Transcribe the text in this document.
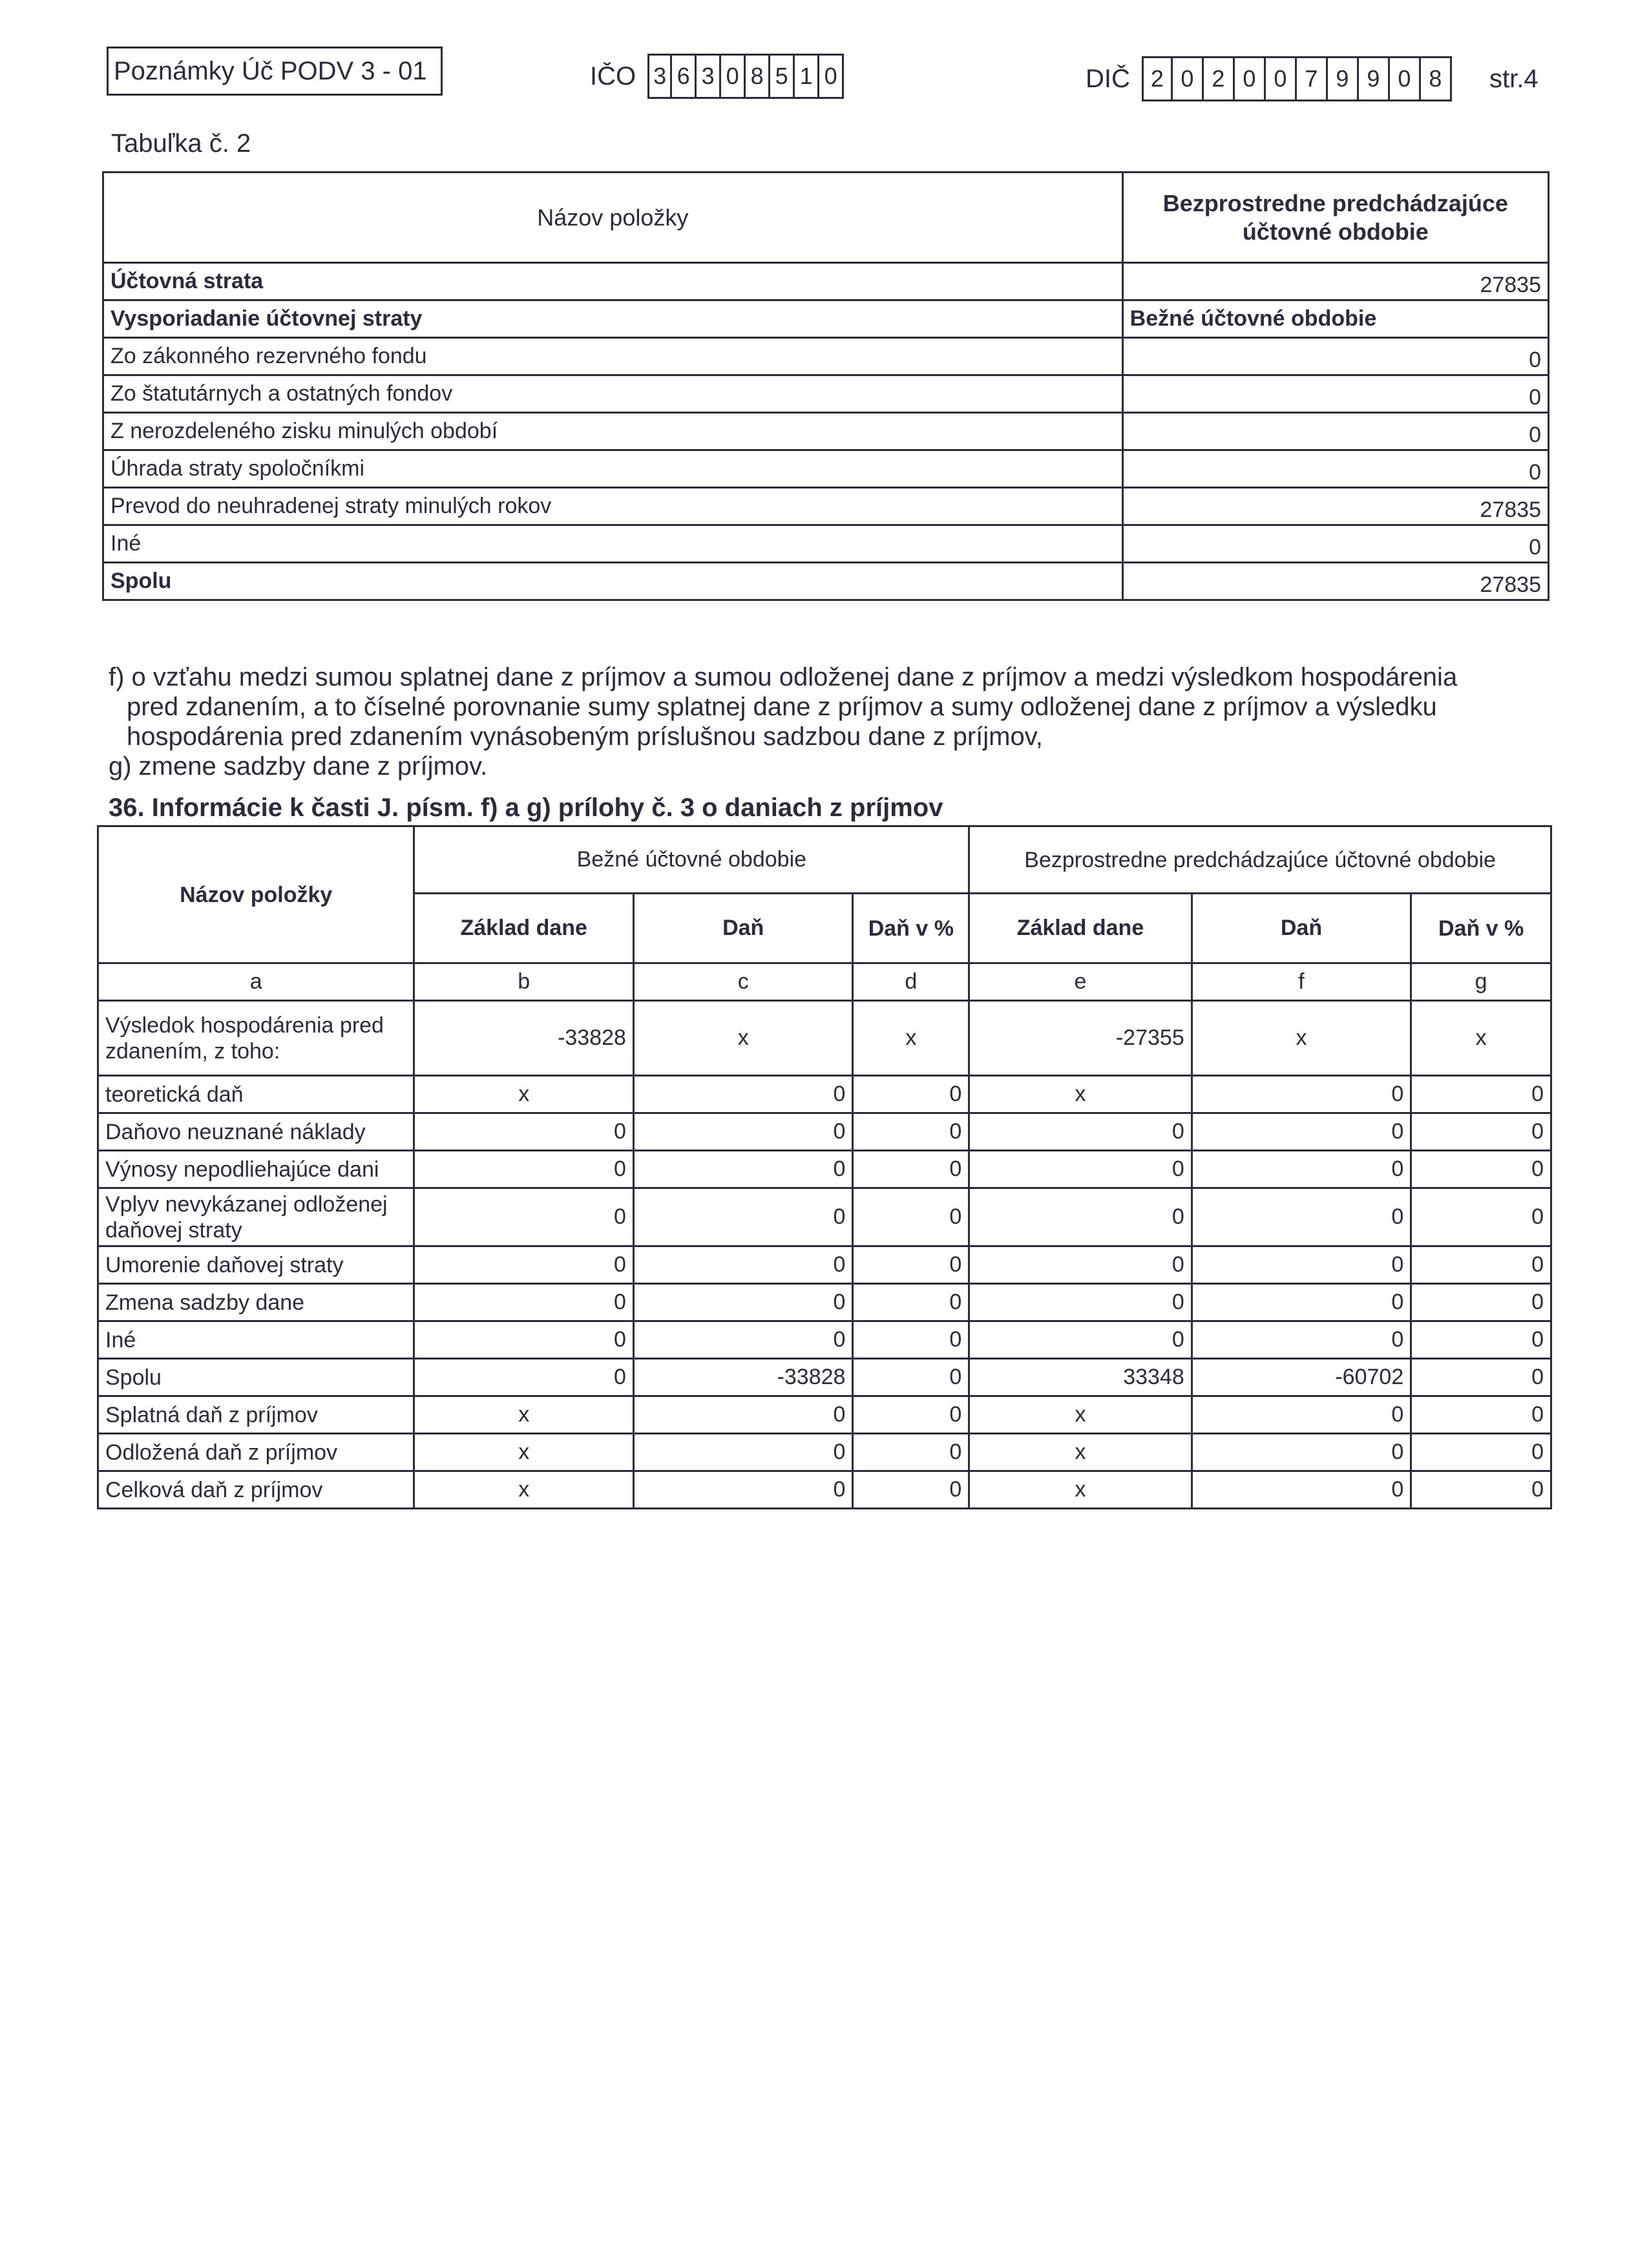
Poznámky Úč PODV 3 - 01	IČO 3 6 3 0 8 5 1 0	DIČ 2 0 2 0 0 7 9 9 0 8	str.4
Tabuľka č. 2
Názov položky	Bezprostredne predchádzajúce účtovné obdobie
Účtovná strata	27835
Vysporiadanie účtovnej straty	Bežné účtovné obdobie
Zo zákonného rezervného fondu	0
Zo štatutárnych a ostatných fondov	0
Z nerozdeleného zisku minulých období	0
Úhrada straty spoločníkmi	0
Prevod do neuhradenej straty minulých rokov	27835
Iné	0
Spolu	27835

f) o vzťahu medzi sumou splatnej dane z príjmov a sumou odloženej dane z príjmov a medzi výsledkom hospodárenia

pred zdanením, a to číselné porovnanie sumy splatnej dane z príjmov a sumy odloženej dane z príjmov a výsledku

hospodárenia pred zdanením vynásobeným príslušnou sadzbou dane z príjmov,

g) zmene sadzby dane z príjmov.

36. Informácie k časti J. písm. f) a g) prílohy č. 3 o daniach z príjmov
Názov položky	Bežné účtovné obdobie			Bezprostredne predchádzajúce účtovné obdobie		
	Základ dane	Daň	Daň v %	Základ dane	Daň	Daň v %
a	b	c	d	e	f	g
Výsledok hospodárenia pred zdanením, z toho:	-33828	x	x	-27355	x	x
teoretická daň	x	0	0	x	0	0
Daňovo neuznané náklady	0	0	0	0	0	0
Výnosy nepodliehajúce dani	0	0	0	0	0	0
Vplyv nevykázanej odloženej daňovej straty	0	0	0	0	0	0
Umorenie daňovej straty	0	0	0	0	0	0
Zmena sadzby dane	0	0	0	0	0	0
Iné	0	0	0	0	0	0
Spolu	0	-33828	0	33348	-60702	0
Splatná daň z príjmov	x	0	0	x	0	0
Odložená daň z príjmov	x	0	0	x	0	0
Celková daň z príjmov	x	0	0	x	0	0
